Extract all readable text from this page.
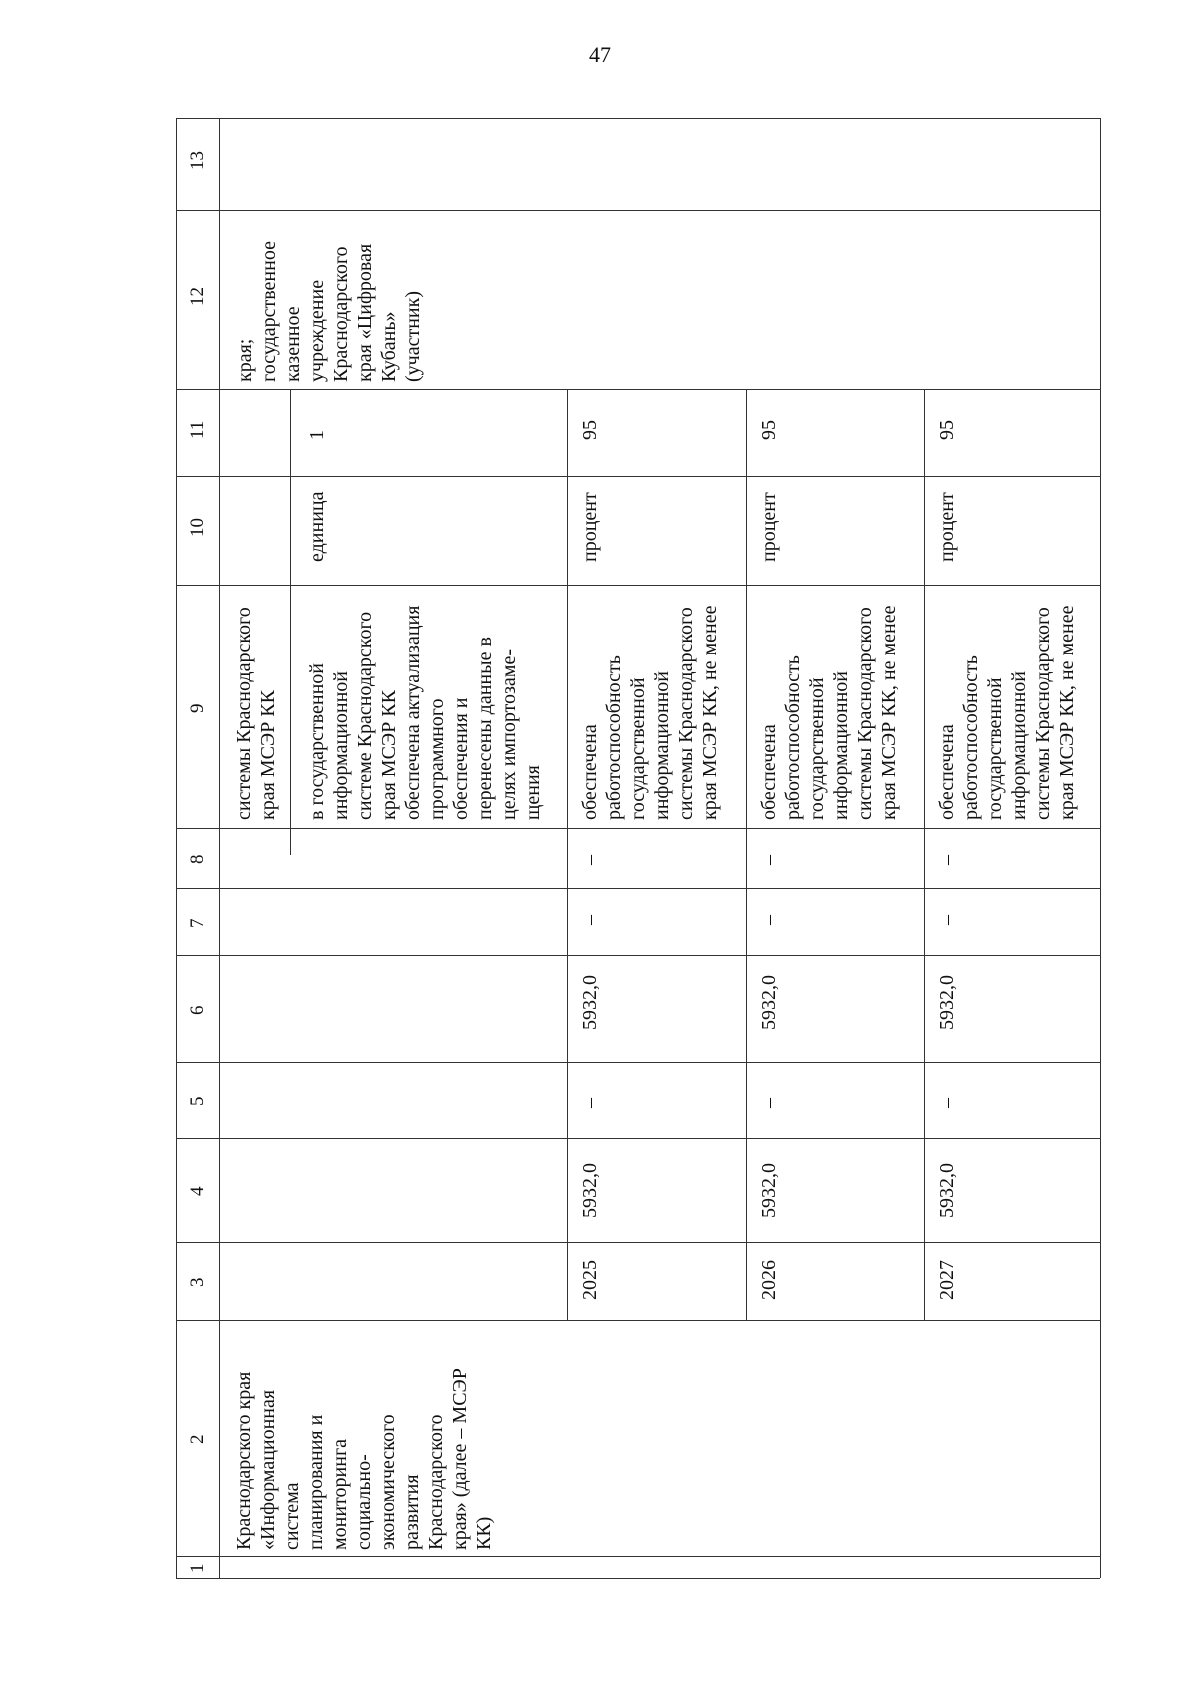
47
1
2
3
4
5
6
7
8
9
10
11
12
13
Краснодарского края «Информационная система планирования и мониторинга социально- экономического развития Краснодарского края» (далее – МСЭР КК)
края; государственное казенное учреждение Краснодарского края «Цифровая Кубань» (участник)
системы Краснодарского края МСЭР КК в государственной информационной системе Краснодарского края МСЭР КК обеспечена актуализация программного обеспечения и перенесены данные в целях импортозаме- щения
единица
1
2025
5932,0
–
5932,0
–
–
обеспечена работоспособность государственной информационной системы Краснодарского края МСЭР КК, не менее
процент
95
2026
5932,0
–
5932,0
–
–
обеспечена работоспособность государственной информационной системы Краснодарского края МСЭР КК, не менее
процент
95
2027
5932,0
–
5932,0
–
–
обеспечена работоспособность государственной информационной системы Краснодарского края МСЭР КК, не менее
процент
95
